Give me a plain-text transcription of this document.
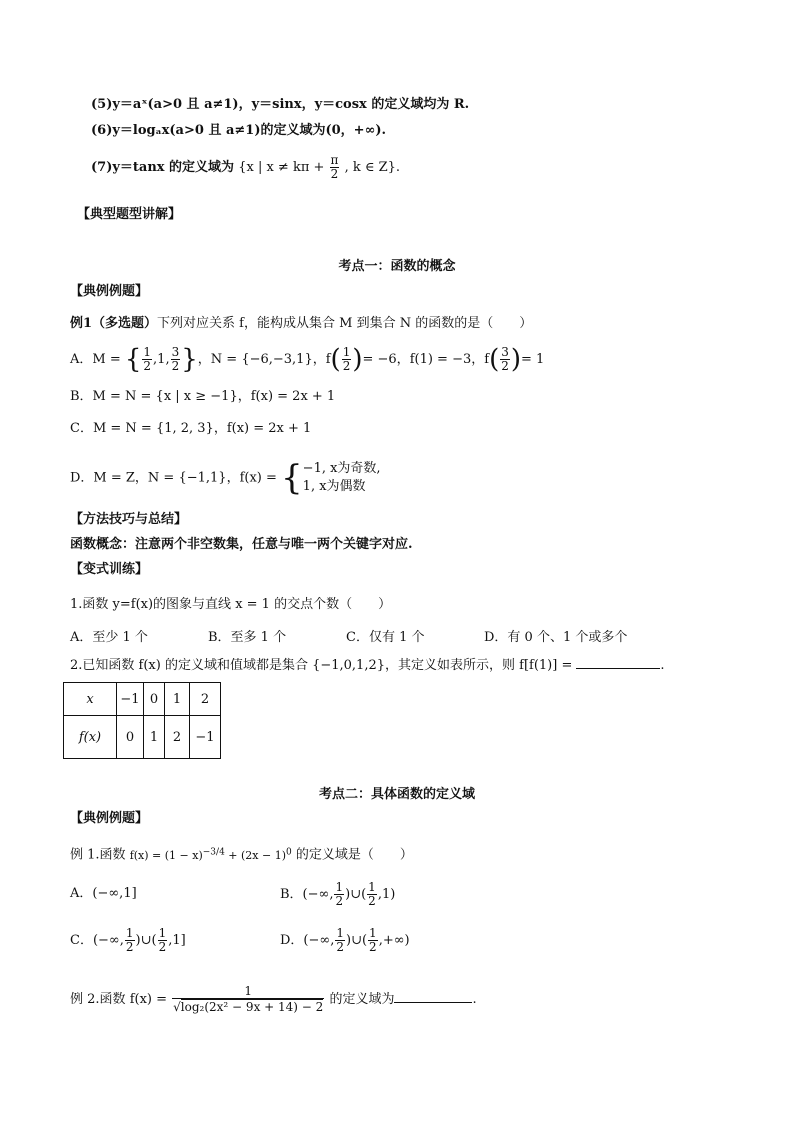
(5)y＝aˣ(a>0 且 a≠1)，y＝sinx，y＝cosx 的定义域均为 R.
(6)y＝logₐx(a>0 且 a≠1)的定义域为(0，+∞).
(7)y＝tanx 的定义域为 {x | $x \ne k\pi + \frac{\pi}{2}$ , k ∈ Z}.
【典型题型讲解】
考点一：函数的概念
【典例例题】
例1（多选题）下列对应关系 f，能构成从集合 M 到集合 N 的函数的是（　　）
A．M = { $\frac{1}{2} ,1$, $\frac{3}{2}$ }，N = {−6,−3,1}，$f( \frac{1}{2}$ )= −6，f(1) = −3，$f( \frac{3}{2}$ )= 1
B．M = N = {x | x ≥ −1}，f(x) = 2x + 1
C．M = N = {1, 2, 3}，f(x) = 2x + 1
D．M = Z，N = {−1,1}，f(x) = { −1, x为奇数,
1, x为偶数
【方法技巧与总结】
函数概念：注意两个非空数集，任意与唯一两个关键字对应.
【变式训练】
1.函数 y=f(x)的图象与直线 x = 1 的交点个数（　　）
A．至少 1 个	B．至多 1 个	C．仅有 1 个	D．有 0 个、1 个或多个
2.已知函数 f(x) 的定义域和值域都是集合 {−1,0,1,2}，其定义如表所示，则 f[f(1)] =	.
x	−1	0	1	2
f(x)	0	1	2	−1
考点二：具体函数的定义域
【典例例题】
例 1.函数 $f(x) = (1 - x)^{-3/4} + (2x - 1)^0$ 的定义域是（　　）
A．(−∞,1]	B．(−∞, $\frac{1}{2}$ )∪( $\frac{1}{2} ,1$)
C．(−∞, $\frac{1}{2}$ )∪( $\frac{1}{2} ,1$]	D．(−∞, $\frac{1}{2}$ )∪( $\frac{1}{2}$ ,+∞)
例 2.函数 $f(x) = \frac{1}{\text{√log₂(2x² − 9x + 14) − 2}}$ 的定义域为	.
